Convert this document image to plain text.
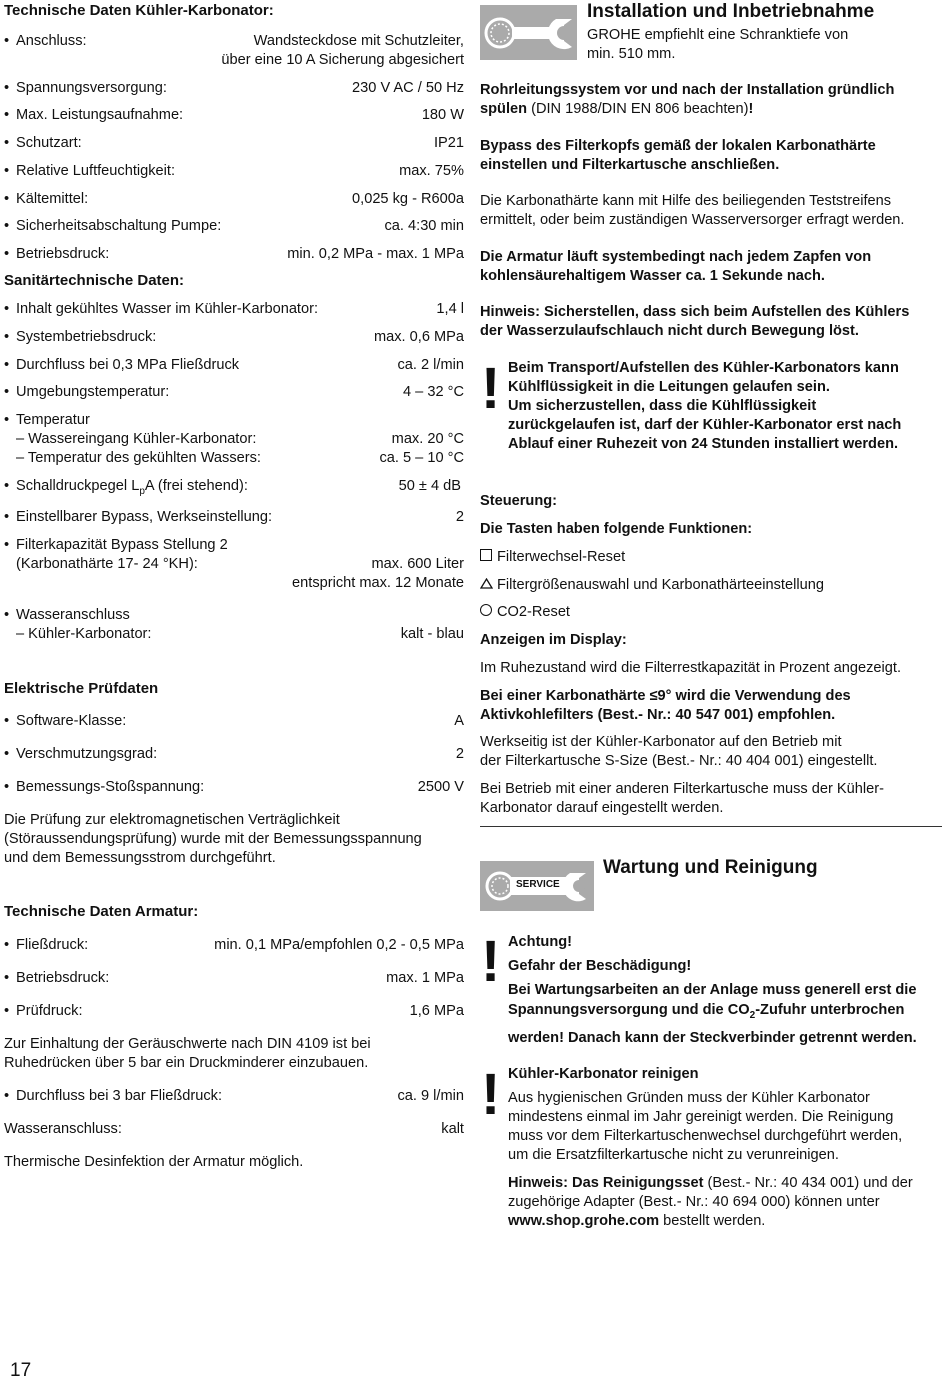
Technische Daten Kühler-Karbonator:
• Anschluss:	Wandsteckdose mit Schutzleiter,
über eine 10 A Sicherung abgesichert
• Spannungsversorgung:	230 V AC / 50 Hz
• Max. Leistungsaufnahme:	180 W
• Schutzart:	IP21
• Relative Luftfeuchtigkeit:	max. 75%
• Kältemittel:	0,025 kg - R600a
• Sicherheitsabschaltung Pumpe:	ca. 4:30 min
• Betriebsdruck:	min. 0,2 MPa - max. 1 MPa
Sanitärtechnische Daten:
• Inhalt gekühltes Wasser im Kühler-Karbonator:	1,4 l
• Systembetriebsdruck:	max. 0,6 MPa
• Durchfluss bei 0,3 MPa Fließdruck	ca. 2 l/min
• Umgebungstemperatur:	4 – 32 °C
• Temperatur
– Wassereingang Kühler-Karbonator:	max. 20 °C
– Temperatur des gekühlten Wassers:	ca. 5 – 10 °C
• Schalldruckpegel $L_pA$ (frei stehend):	50 ± 4 dB
• Einstellbarer Bypass, Werkseinstellung:	2
• Filterkapazität Bypass Stellung 2
(Karbonathärte 17- 24 °KH):	max. 600 Liter
entspricht max. 12 Monate
• Wasseranschluss
– Kühler-Karbonator:	kalt - blau
Elektrische Prüfdaten
• Software-Klasse:	A
• Verschmutzungsgrad:	2
• Bemessungs-Stoßspannung:	2500 V
Die Prüfung zur elektromagnetischen Verträglichkeit
(Störaussendungsprüfung) wurde mit der Bemessungsspannung
und dem Bemessungsstrom durchgeführt.
Technische Daten Armatur:
• Fließdruck:	min. 0,1 MPa/empfohlen 0,2 - 0,5 MPa
• Betriebsdruck:	max. 1 MPa
• Prüfdruck:	1,6 MPa
Zur Einhaltung der Geräuschwerte nach DIN 4109 ist bei
Ruhedrücken über 5 bar ein Druckminderer einzubauen.
• Durchfluss bei 3 bar Fließdruck:	ca. 9 l/min
Wasseranschluss:	kalt
Thermische Desinfektion der Armatur möglich.
17
Installation und Inbetriebnahme
GROHE empfiehlt eine Schranktiefe von
min. 510 mm.
Rohrleitungssystem vor und nach der Installation gründlich
spülen (DIN 1988/DIN EN 806 beachten)!
Bypass des Filterkopfs gemäß der lokalen Karbonathärte
einstellen und Filterkartusche anschließen.
Die Karbonathärte kann mit Hilfe des beiliegenden Teststreifens
ermittelt, oder beim zuständigen Wasserversorger erfragt werden.
Die Armatur läuft systembedingt nach jedem Zapfen von
kohlensäurehaltigem Wasser ca. 1 Sekunde nach.
Hinweis: Sicherstellen, dass sich beim Aufstellen des Kühlers
der Wasserzulaufschlauch nicht durch Bewegung löst.
! Beim Transport/Aufstellen des Kühler-Karbonators kann
Kühlflüssigkeit in die Leitungen gelaufen sein.
Um sicherzustellen, dass die Kühlflüssigkeit
zurückgelaufen ist, darf der Kühler-Karbonator erst nach
Ablauf einer Ruhezeit von 24 Stunden installiert werden.
Steuerung:
Die Tasten haben folgende Funktionen:
Filterwechsel-Reset
Filtergrößenauswahl und Karbonathärteeinstellung
CO2-Reset
Anzeigen im Display:
Im Ruhezustand wird die Filterrestkapazität in Prozent angezeigt.
Bei einer Karbonathärte ≤9° wird die Verwendung des
Aktivkohlefilters (Best.- Nr.: 40 547 001) empfohlen.
Werkseitig ist der Kühler-Karbonator auf den Betrieb mit
der Filterkartusche S-Size (Best.- Nr.: 40 404 001) eingestellt.
Bei Betrieb mit einer anderen Filterkartusche muss der Kühler-
Karbonator darauf eingestellt werden.
SERVICE
Wartung und Reinigung
! Achtung!
Gefahr der Beschädigung!
Bei Wartungsarbeiten an der Anlage muss generell erst die
Spannungsversorgung und die $CO_2$-Zufuhr unterbrochen
werden! Danach kann der Steckverbinder getrennt werden.
! Kühler-Karbonator reinigen
Aus hygienischen Gründen muss der Kühler Karbonator
mindestens einmal im Jahr gereinigt werden. Die Reinigung
muss vor dem Filterkartuschenwechsel durchgeführt werden,
um die Ersatzfilterkartusche nicht zu verunreinigen.
Hinweis: Das Reinigungsset (Best.- Nr.: 40 434 001) und der
zugehörige Adapter (Best.- Nr.: 40 694 000) können unter
www.shop.grohe.com bestellt werden.
